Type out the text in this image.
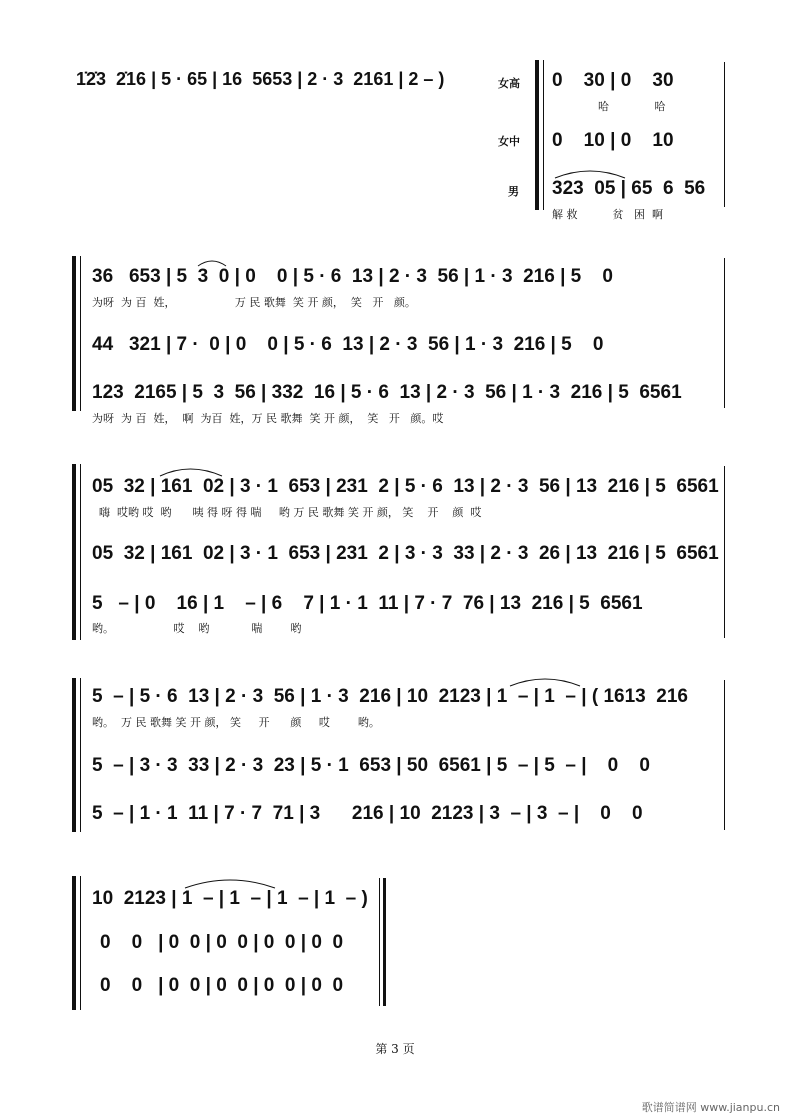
1̇2̇3  2̇16 | 5 · 65 | 16  5653 | 2 · 3  2161 | 2 – )	女高
女中
男
0    30 | 0    30
哈             哈
0    10 | 0    10
323  05 | 65  6  56
解 救          贫   困  啊
36   653 | 5  3  0 | 0    0 | 5 · 6  13 | 2 · 3  56 | 1 · 3  216 | 5    0
为呀  为 百  姓，                 万 民 歌舞  笑 开 颜，  笑   开   颜。
44   321 | 7 ·  0 | 0    0 | 5 · 6  13 | 2 · 3  56 | 1 · 3  216 | 5    0
123  2165 | 5  3  56 | 332  16 | 5 · 6  13 | 2 · 3  56 | 1 · 3  216 | 5  6561
为呀  为 百  姓，  啊  为百  姓，万 民 歌舞  笑 开 颜，  笑   开   颜。哎
05  32 | 161  02 | 3 · 1  653 | 231  2 | 5 · 6  13 | 2 · 3  56 | 13  216 | 5  6561
嗨  哎哟 哎  哟      咦 得 呀 得 喘     哟 万 民 歌舞 笑 开 颜， 笑    开    颜  哎
05  32 | 161  02 | 3 · 1  653 | 231  2 | 3 · 3  33 | 2 · 3  26 | 13  216 | 5  6561
5   – | 0    16 | 1    – | 6    7 | 1 · 1  11 | 7 · 7  76 | 13  216 | 5  6561
哟。                 哎    哟            喘        哟
5  – | 5 · 6  13 | 2 · 3  56 | 1 · 3  216 | 10  2123 | 1  – | 1  – | ( 1613  216
哟。  万 民 歌舞 笑 开 颜， 笑     开      颜     哎        哟。
5  – | 3 · 3  33 | 2 · 3  23 | 5 · 1  653 | 50  6561 | 5  – | 5  – |    0    0
5  – | 1 · 1  11 | 7 · 7  71 | 3      216 | 10  2123 | 3  – | 3  – |    0    0
10  2123 | 1  – | 1  – | 1  – | 1  – )
0    0   | 0  0 | 0  0 | 0  0 | 0  0
0    0   | 0  0 | 0  0 | 0  0 | 0  0
第 3 页
歌谱简谱网 www.jianpu.cn
